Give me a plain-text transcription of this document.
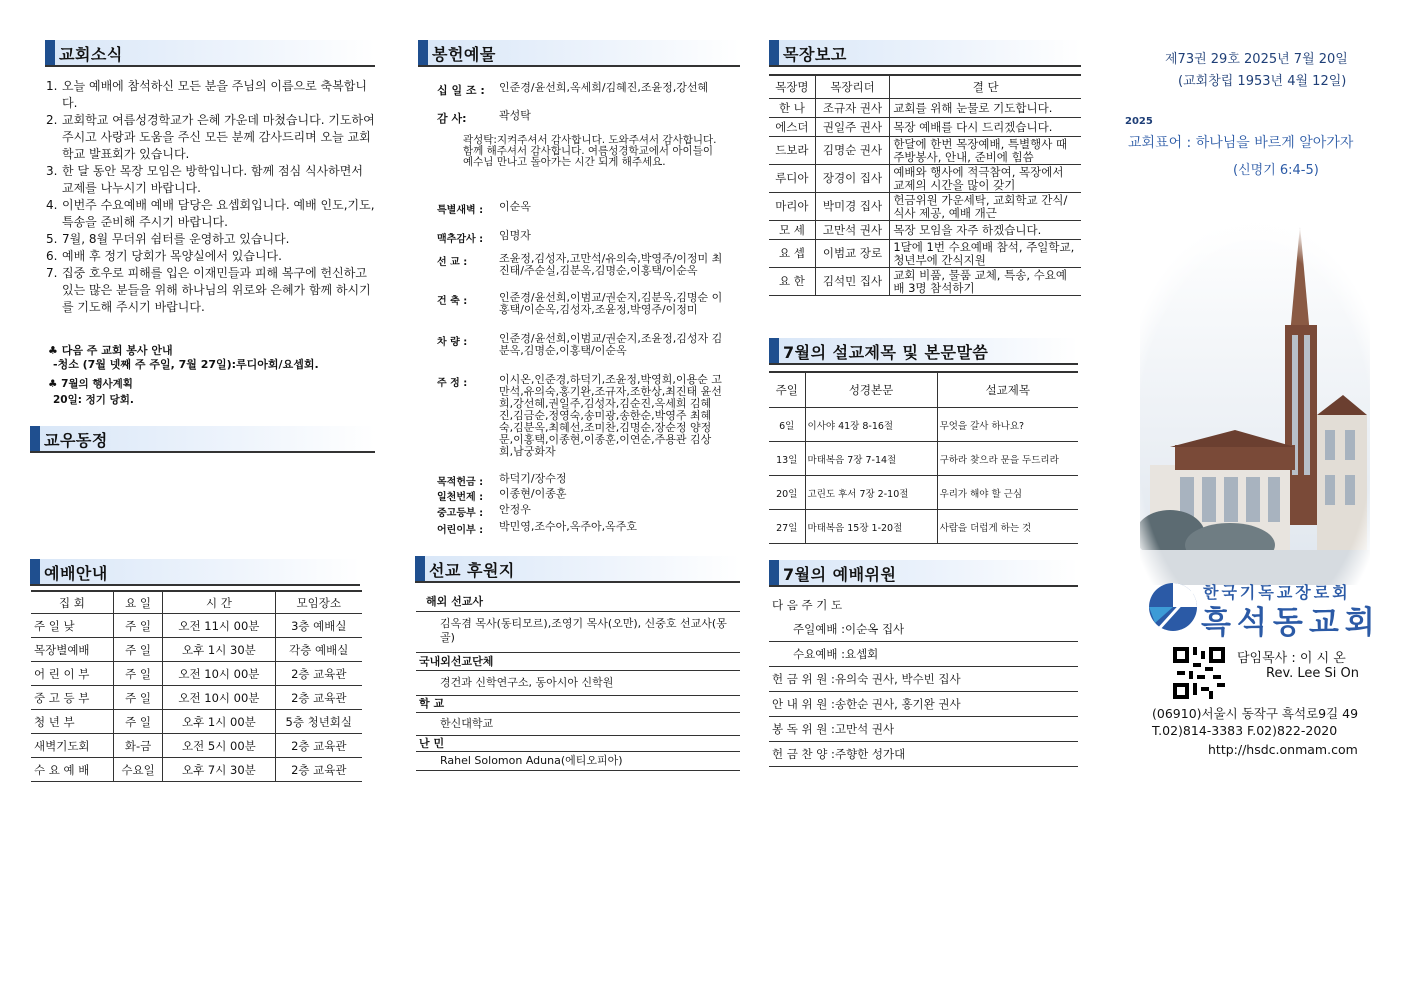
교회소식
1. 오늘 예배에 참석하신 모든 분을 주님의 이름으로 축복합니다.
2. 교회학교 여름성경학교가 은혜 가운데 마쳤습니다. 기도하여 주시고 사랑과 도움을 주신 모든 분께 감사드리며 오늘 교회학교 발표회가 있습니다.
3. 한 달 동안 목장 모임은 방학입니다. 함께 점심 식사하면서 교제를 나누시기 바랍니다.
4. 이번주 수요예배 예배 담당은 요셉회입니다. 예배 인도,기도,특송을 준비해 주시기 바랍니다.
5. 7월, 8월 무더위 쉼터를 운영하고 있습니다.
6. 예배 후 정기 당회가 목양실에서 있습니다.
7. 집중 호우로 피해를 입은 이재민들과 피해 복구에 헌신하고 있는 많은 분들을 위해 하나님의 위로와 은혜가 함께 하시기를 기도해 주시기 바랍니다.
♣ 다음 주 교회 봉사 안내
-청소 (7월 넷째 주 주일, 7월 27일):루디아회/요셉회.
♣ 7월의 행사계획
20일: 정기 당회.
교우동정
예배안내
집 회	요 일	시 간	모임장소
주 일 낮	주 일	오전 11시 00분	3층 예배실
목장별예배	주 일	오후 1시 30분	각층 예배실
어 린 이 부	주 일	오전 10시 00분	2층 교육관
중 고 등 부	주 일	오전 10시 00분	2층 교육관
청 년 부	주 일	오후 1시 00분	5층 청년회실
새벽기도회	화-금	오전 5시 00분	2층 교육관
수 요 예 배	수요일	오후 7시 30분	2층 교육관
봉헌예물
십 일 조 : 인준경/윤선희,옥세희/김혜진,조윤정,강선혜
감 사:	곽성탁
곽성탁:지켜주셔서 감사합니다. 도와주셔서 감사합니다. 함께 해주셔서 감사합니다. 여름성경학교에서 아이들이 예수님 만나고 돌아가는 시간 되게 해주세요.
특별새벽 : 이순옥
맥추감사 : 임명자
선 교 :	조윤정,김성자,고만석/유의숙,박영주/이정미 최진태/주순실,김분옥,김명순,이홍택/이순옥
건 축 :	인준경/윤선희,이범교/권순지,김분옥,김명순 이홍택/이순옥,김성자,조윤정,박영주/이정미
차 량 :	인준경/윤선희,이범교/권순지,조윤정,김성자 김분옥,김명순,이홍택/이순옥
주 정 :	이시온,인준경,하덕기,조윤정,박영희,이용순 고만석,유의숙,홍기완,조규자,조한상,최진태 윤선희,강선혜,권일주,김성자,김순진,옥세희 김혜진,김금순,정영숙,송미광,송한순,박영주 최혜숙,김분옥,최혜선,조미찬,김명순,장순정 양정문,이홍택,이종현,이종훈,이연순,주용관 김상희,남궁화자
목적헌금 : 하덕기/장수정
일천번제 : 이종현/이종훈
중고등부 : 안정우
어린이부 : 박민영,조수아,옥주아,옥주호
선교 후원지
해외 선교사
김옥겸 목사(동티모르),조영기 목사(오만), 신중호 선교사(몽골)
국내외선교단체
경건과 신학연구소, 동아시아 신학원
학 교
한신대학교
난 민
Rahel Solomon Aduna(에티오피아)
목장보고
목장명	목장리더	결 단
한 나	조규자 권사	교회를 위해 눈물로 기도합니다.
에스더	권일주 권사	목장 예배를 다시 드리겠습니다.
드보라	김명순 권사	한달에 한번 목장예배, 특별행사 때 주방봉사, 안내, 준비에 힘씀
루디아	장경이 집사	예배와 행사에 적극참여, 목장에서 교제의 시간을 많이 갖기
마리아	박미경 집사	헌금위원 가운세탁, 교회학교 간식/식사 제공, 예배 개근
모 세	고만석 권사	목장 모임을 자주 하겠습니다.
요 셉	이범교 장로	1달에 1번 수요예배 참석, 주일학교, 청년부에 간식지원
요 한	김석민 집사	교회 비품, 물품 교체, 특송, 수요예배 3명 참석하기
7월의 설교제목 및 본문말씀
주일	성경본문	설교제목
6일	이사야 41장 8-16절	무엇을 갈사 하나요?
13일	마태복음 7장 7-14절	구하라 찾으라 문을 두드리라
20일	고린도 후서 7장 2-10절	우리가 해야 할 근심
27일	마태복음 15장 1-20절	사람을 더럽게 하는 것
7월의 예배위원
다 음 주 기 도
주일예배 :이순옥 집사
수요예배 :요셉회
헌 금 위 원 :유의숙 권사, 박수빈 집사
안 내 위 원 :송한순 권사, 홍기완 권사
봉 독 위 원 :고만석 권사
헌 금 찬 양 :주향한 성가대
제73권 29호 2025년 7월 20일
(교회창립 1953년 4월 12일)
2025
교회표어 : 하나님을 바르게 알아가자
(신명기 6:4-5)
한국기독교장로회
흑석동교회
담임목사 : 이 시 온
Rev. Lee Si On
(06910)서울시 동작구 흑석로9길 49
T.02)814-3383 F.02)822-2020
http://hsdc.onmam.com
